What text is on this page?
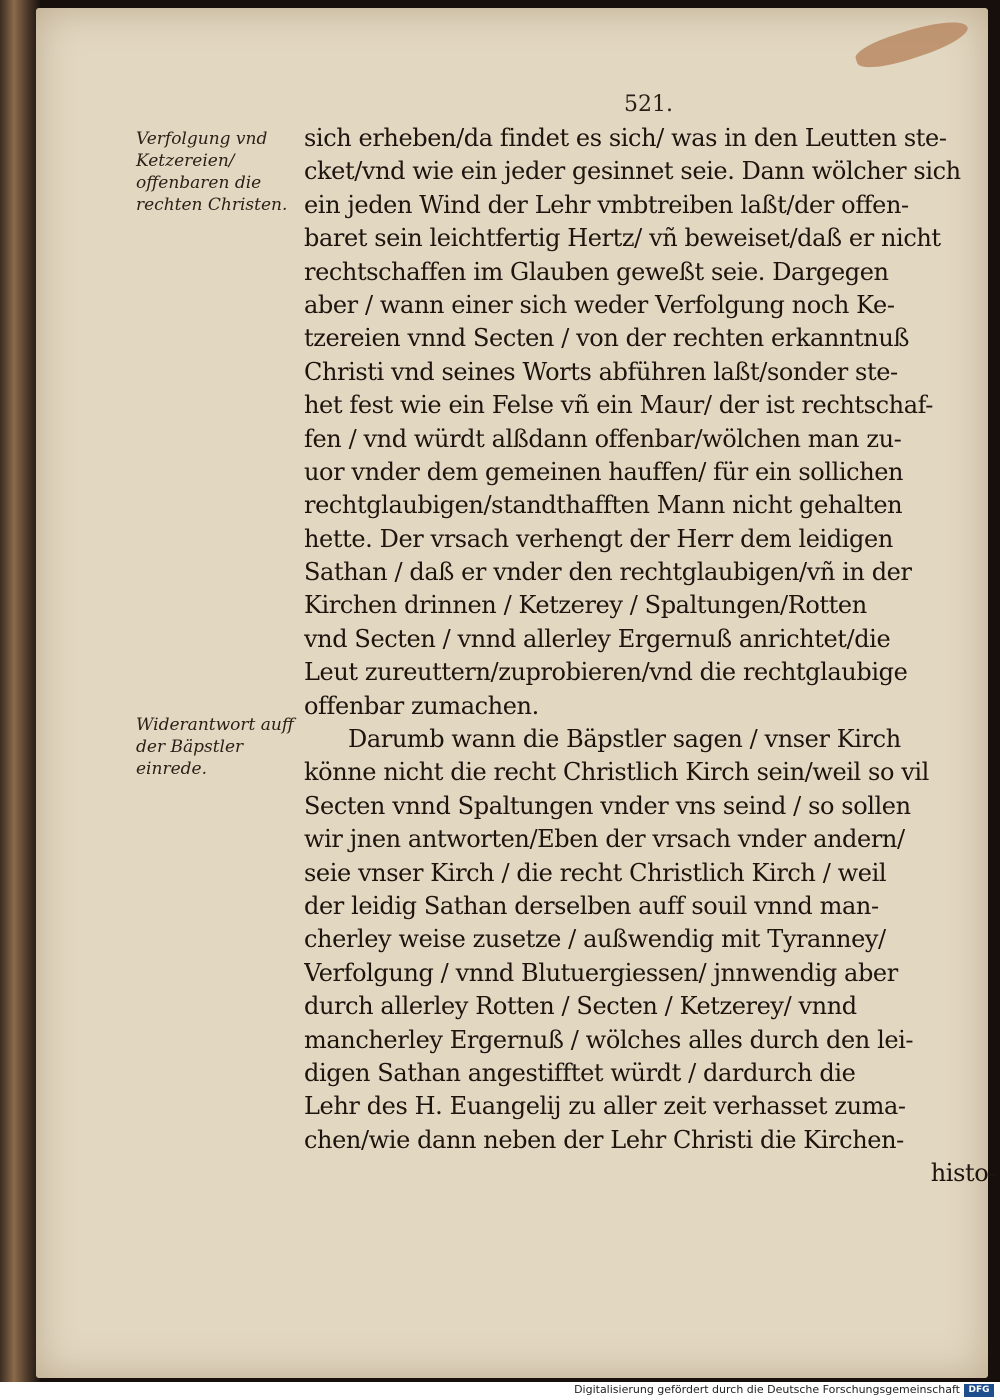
521.
Verfolgung vnd Ketzereien/ offenbaren die rechten Christen.
Widerantwort auff der Bäpstler einrede.
sich erheben/da findet es sich/ was in den Leutten ste-
cket/vnd wie ein jeder gesinnet seie. Dann wölcher sich
ein jeden Wind der Lehr vmbtreiben laßt/der offen-
baret sein leichtfertig Hertz/ vñ beweiset/daß er nicht
rechtschaffen im Glauben geweßt seie. Dargegen
aber / wann einer sich weder Verfolgung noch Ke-
tzereien vnnd Secten / von der rechten erkanntnuß
Christi vnd seines Worts abführen laßt/sonder ste-
het fest wie ein Felse vñ ein Maur/ der ist rechtschaf-
fen / vnd würdt alßdann offenbar/wölchen man zu-
uor vnder dem gemeinen hauffen/ für ein sollichen
rechtglaubigen/standthafften Mann nicht gehalten
hette. Der vrsach verhengt der Herr dem leidigen
Sathan / daß er vnder den rechtglaubigen/vñ in der
Kirchen drinnen / Ketzerey / Spaltungen/Rotten
vnd Secten / vnnd allerley Ergernuß anrichtet/die
Leut zureuttern/zuprobieren/vnd die rechtglaubige
offenbar zumachen.
Darumb wann die Bäpstler sagen / vnser Kirch
könne nicht die recht Christlich Kirch sein/weil so vil
Secten vnnd Spaltungen vnder vns seind / so sollen
wir jnen antworten/Eben der vrsach vnder andern/
seie vnser Kirch / die recht Christlich Kirch / weil
der leidig Sathan derselben auff souil vnnd man-
cherley weise zusetze / außwendig mit Tyranney/
Verfolgung / vnnd Blutuergiessen/ jnnwendig aber
durch allerley Rotten / Secten / Ketzerey/ vnnd
mancherley Ergernuß / wölches alles durch den lei-
digen Sathan angestifftet würdt / dardurch die
Lehr des H. Euangelij zu aller zeit verhasset zuma-
chen/wie dann neben der Lehr Christi die Kirchen-
histo-
Digitalisierung gefördert durch die Deutsche Forschungsgemeinschaft DFG
